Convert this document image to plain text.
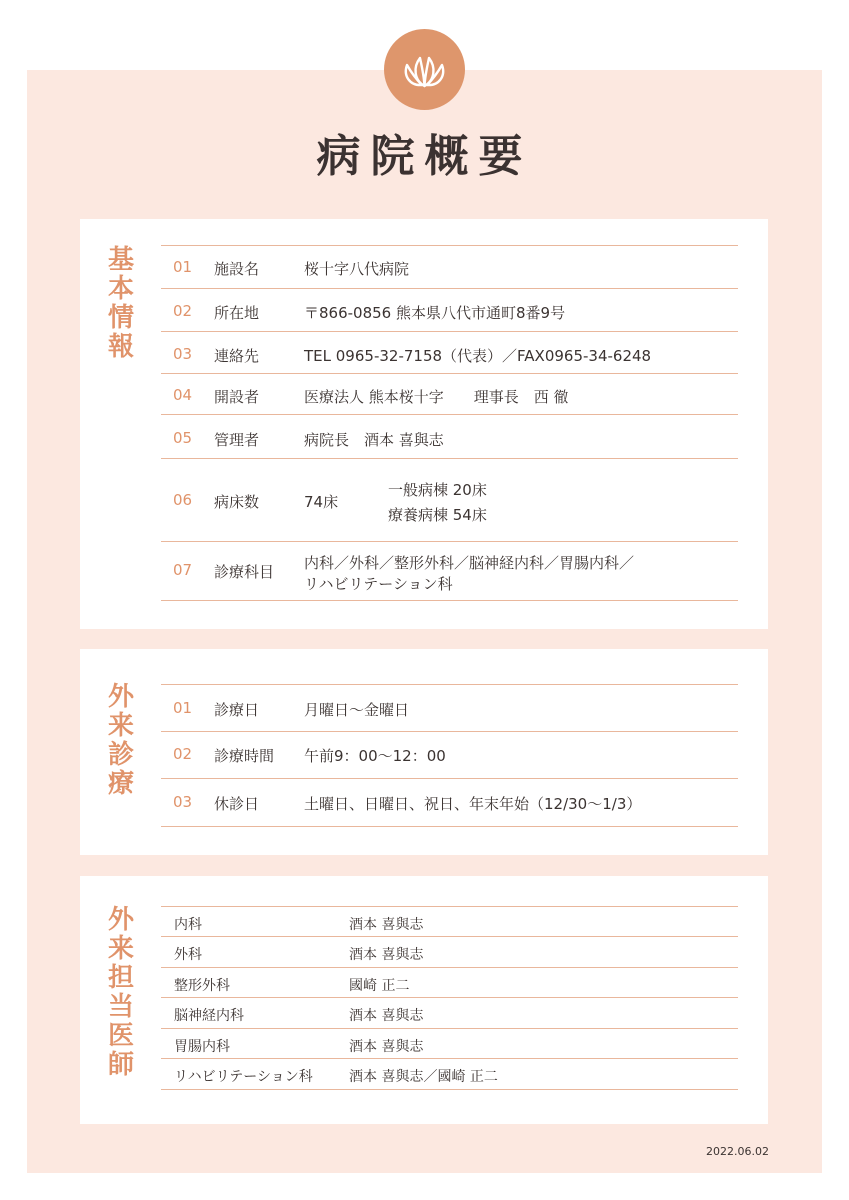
病院概要
基本情報
01 施設名	桜十字八代病院
02 所在地	〒866-0856 熊本県八代市通町8番9号
03 連絡先	TEL 0965-32-7158（代表）／FAX0965-34-6248
04 開設者	医療法人 熊本桜十字　　理事長　西 徹
05 管理者	病院長　酒本 喜與志
06 病床数	74床
一般病棟 20床
療養病棟 54床
07 診療科目 内科／外科／整形外科／脳神経内科／胃腸内科／
リハビリテーション科
外来診療
01 診療日	月曜日〜金曜日
02 診療時間 午前9：00〜12：00
03 休診日	土曜日、日曜日、祝日、年末年始（12/30〜1/3）
外来担当医師
内科	酒本 喜與志
外科	酒本 喜與志
整形外科	國崎 正二
脳神経内科	酒本 喜與志
胃腸内科	酒本 喜與志
リハビリテーション科	酒本 喜與志／國崎 正二
2022.06.02
